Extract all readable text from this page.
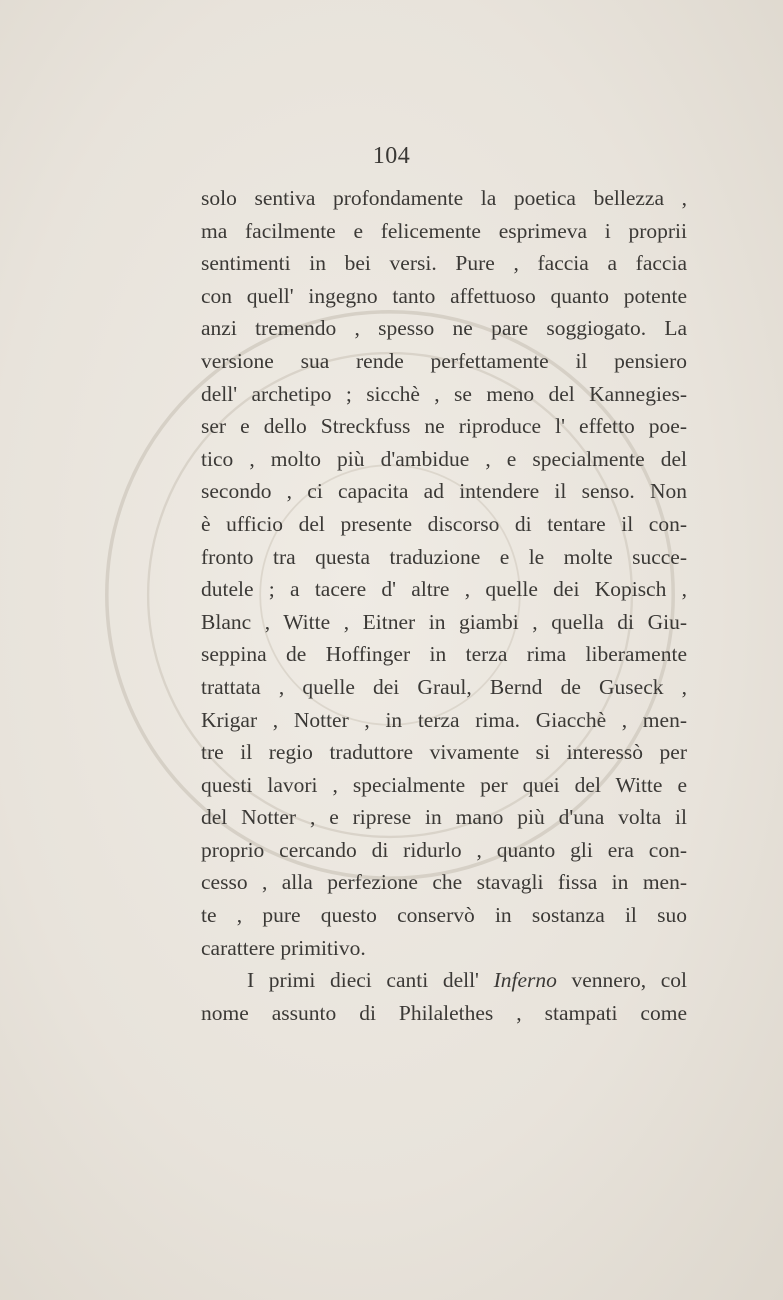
104
solo sentiva profondamente la poetica bellezza ,
ma facilmente e felicemente esprimeva i proprii
sentimenti in bei versi. Pure , faccia a faccia
con quell' ingegno tanto affettuoso quanto potente
anzi tremendo , spesso ne pare soggiogato. La
versione sua rende perfettamente il pensiero
dell' archetipo ; sicchè , se meno del Kannegies-
ser e dello Streckfuss ne riproduce l' effetto poe-
tico , molto più d'ambidue , e specialmente del
secondo , ci capacita ad intendere il senso. Non
è ufficio del presente discorso di tentare il con-
fronto tra questa traduzione e le molte succe-
dutele ; a tacere d' altre , quelle dei Kopisch ,
Blanc , Witte , Eitner in giambi , quella di Giu-
seppina de Hoffinger in terza rima liberamente
trattata , quelle dei Graul, Bernd de Guseck ,
Krigar , Notter , in terza rima. Giacchè , men-
tre il regio traduttore vivamente si interessò per
questi lavori , specialmente per quei del Witte e
del Notter , e riprese in mano più d'una volta il
proprio cercando di ridurlo , quanto gli era con-
cesso , alla perfezione che stavagli fissa in men-
te , pure questo conservò in sostanza il suo
carattere primitivo.
I primi dieci canti dell' Inferno vennero, col
nome assunto di Philalethes , stampati come
